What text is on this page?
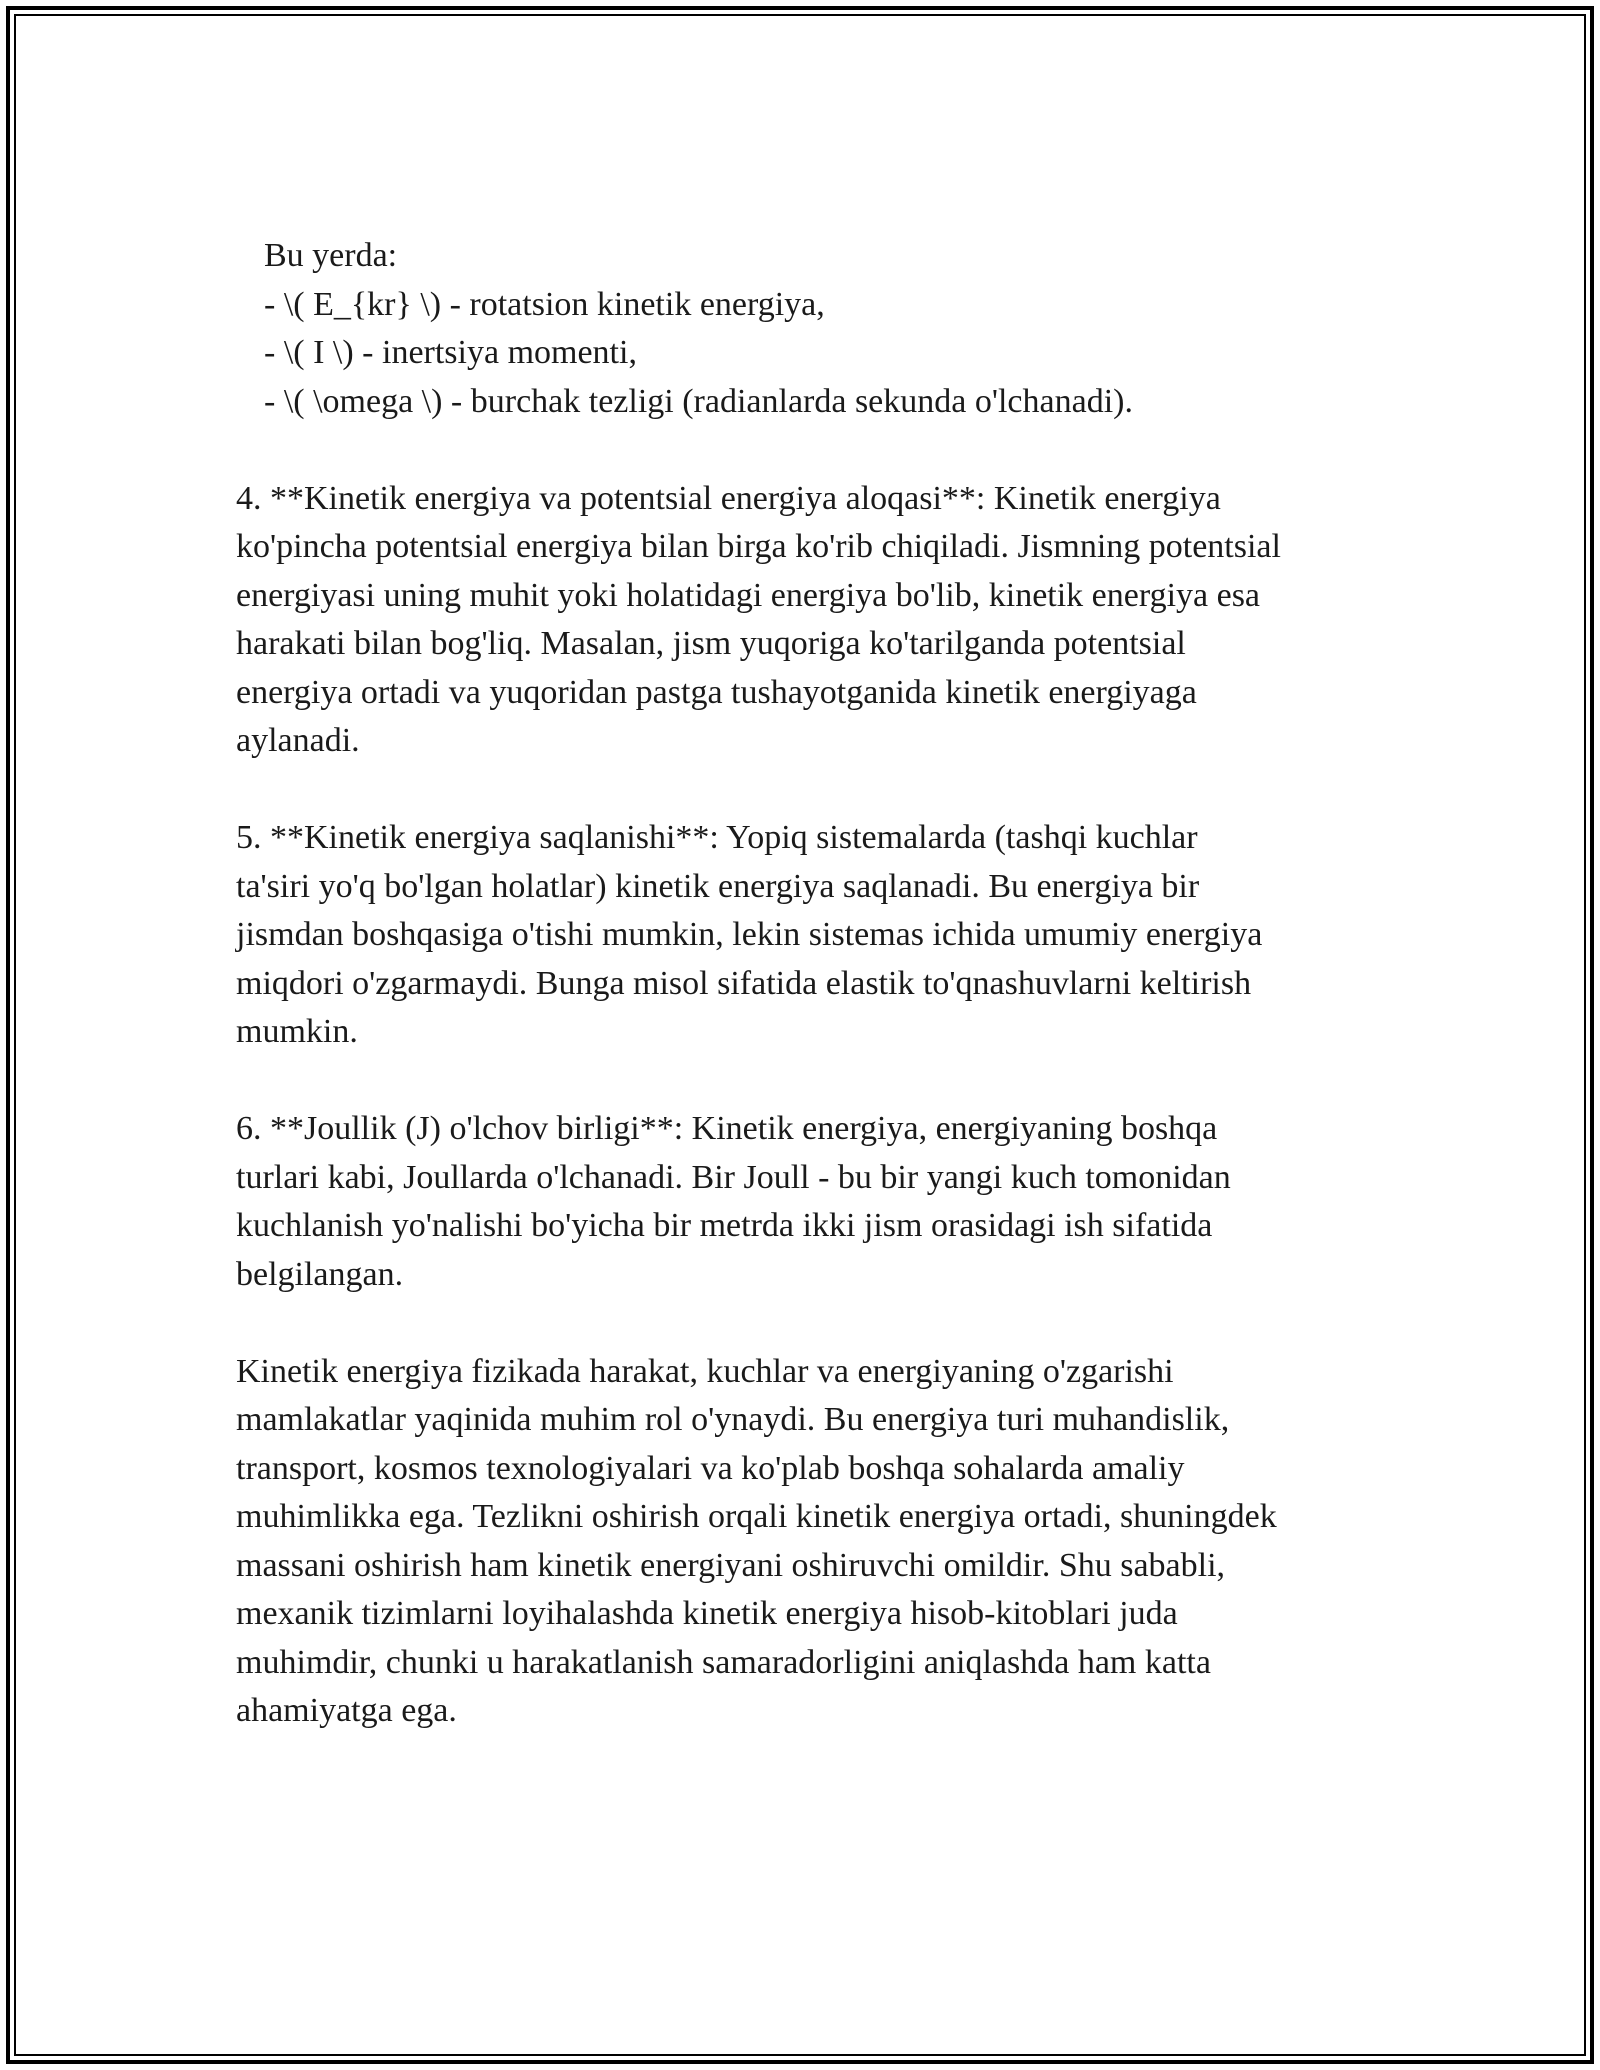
Bu yerda:
- \( E_{kr} \) - rotatsion kinetik energiya,
- \( I \) - inertsiya momenti,
- \( \omega \) - burchak tezligi (radianlarda sekunda o'lchanadi).
4. **Kinetik energiya va potentsial energiya aloqasi**: Kinetik energiya
ko'pincha potentsial energiya bilan birga ko'rib chiqiladi. Jismning potentsial
energiyasi uning muhit yoki holatidagi energiya bo'lib, kinetik energiya esa
harakati bilan bog'liq. Masalan, jism yuqoriga ko'tarilganda potentsial
energiya ortadi va yuqoridan pastga tushayotganida kinetik energiyaga
aylanadi.
5. **Kinetik energiya saqlanishi**: Yopiq sistemalarda (tashqi kuchlar
ta'siri yo'q bo'lgan holatlar) kinetik energiya saqlanadi. Bu energiya bir
jismdan boshqasiga o'tishi mumkin, lekin sistemas ichida umumiy energiya
miqdori o'zgarmaydi. Bunga misol sifatida elastik to'qnashuvlarni keltirish
mumkin.
6. **Joullik (J) o'lchov birligi**: Kinetik energiya, energiyaning boshqa
turlari kabi, Joullarda o'lchanadi. Bir Joull - bu bir yangi kuch tomonidan
kuchlanish yo'nalishi bo'yicha bir metrda ikki jism orasidagi ish sifatida
belgilangan.
Kinetik energiya fizikada harakat, kuchlar va energiyaning o'zgarishi
mamlakatlar yaqinida muhim rol o'ynaydi. Bu energiya turi muhandislik,
transport, kosmos texnologiyalari va ko'plab boshqa sohalarda amaliy
muhimlikka ega. Tezlikni oshirish orqali kinetik energiya ortadi, shuningdek
massani oshirish ham kinetik energiyani oshiruvchi omildir. Shu sababli,
mexanik tizimlarni loyihalashda kinetik energiya hisob-kitoblari juda
muhimdir, chunki u harakatlanish samaradorligini aniqlashda ham katta
ahamiyatga ega.
